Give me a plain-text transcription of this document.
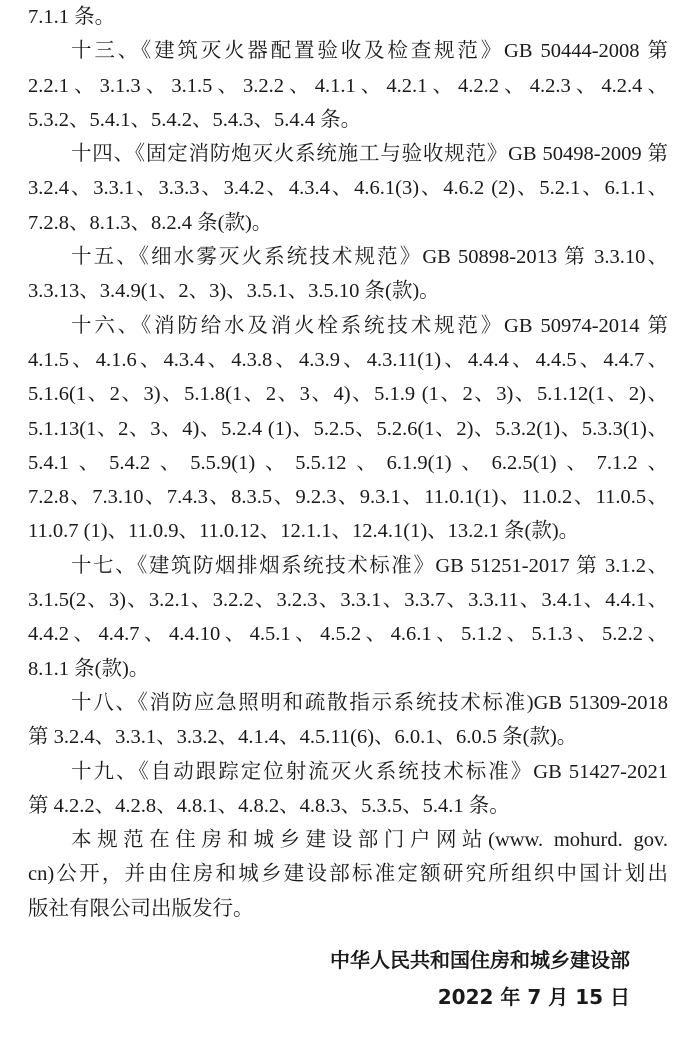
7.1.1 条。
十三、《建筑灭火器配置验收及检查规范》GB 50444-2008 第
2.2.1、3.1.3、3.1.5、3.2.2、4.1.1、4.2.1、4.2.2、4.2.3、4.2.4、
5.3.2、5.4.1、5.4.2、5.4.3、5.4.4 条。
十四、《固定消防炮灭火系统施工与验收规范》GB 50498-2009 第
3.2.4、3.3.1、3.3.3、3.4.2、4.3.4、4.6.1(3)、4.6.2 (2)、5.2.1、6.1.1、
7.2.8、8.1.3、8.2.4 条(款)。
十五、《细水雾灭火系统技术规范》GB 50898-2013 第 3.3.10、
3.3.13、3.4.9(1、2、3)、3.5.1、3.5.10 条(款)。
十六、《消防给水及消火栓系统技术规范》GB 50974-2014 第
4.1.5、4.1.6、4.3.4、4.3.8、4.3.9、4.3.11(1)、4.4.4、4.4.5、4.4.7、
5.1.6(1、2、3)、5.1.8(1、2、3、4)、5.1.9 (1、2、3)、5.1.12(1、2)、
5.1.13(1、2、3、4)、5.2.4 (1)、5.2.5、5.2.6(1、2)、5.3.2(1)、5.3.3(1)、
5.4.1、5.4.2、5.5.9(1)、5.5.12、6.1.9(1)、6.2.5(1)、7.1.2、
7.2.8、7.3.10、7.4.3、8.3.5、9.2.3、9.3.1、11.0.1(1)、11.0.2、11.0.5、
11.0.7 (1)、11.0.9、11.0.12、12.1.1、12.4.1(1)、13.2.1 条(款)。
十七、《建筑防烟排烟系统技术标准》GB 51251-2017 第 3.1.2、
3.1.5(2、3)、3.2.1、3.2.2、3.2.3、3.3.1、3.3.7、3.3.11、3.4.1、4.4.1、
4.4.2、4.4.7、4.4.10、4.5.1、4.5.2、4.6.1、5.1.2、5.1.3、5.2.2、
8.1.1 条(款)。
十八、《消防应急照明和疏散指示系统技术标准)GB 51309-2018
第 3.2.4、3.3.1、3.3.2、4.1.4、4.5.11(6)、6.0.1、6.0.5 条(款)。
十九、《自动跟踪定位射流灭火系统技术标准》GB 51427-2021
第 4.2.2、4.2.8、4.8.1、4.8.2、4.8.3、5.3.5、5.4.1 条。
本规范在住房和城乡建设部门户网站(www. mohurd. gov.
cn)公开，并由住房和城乡建设部标准定额研究所组织中国计划出
版社有限公司出版发行。
中华人民共和国住房和城乡建设部
2022 年 7 月 15 日
